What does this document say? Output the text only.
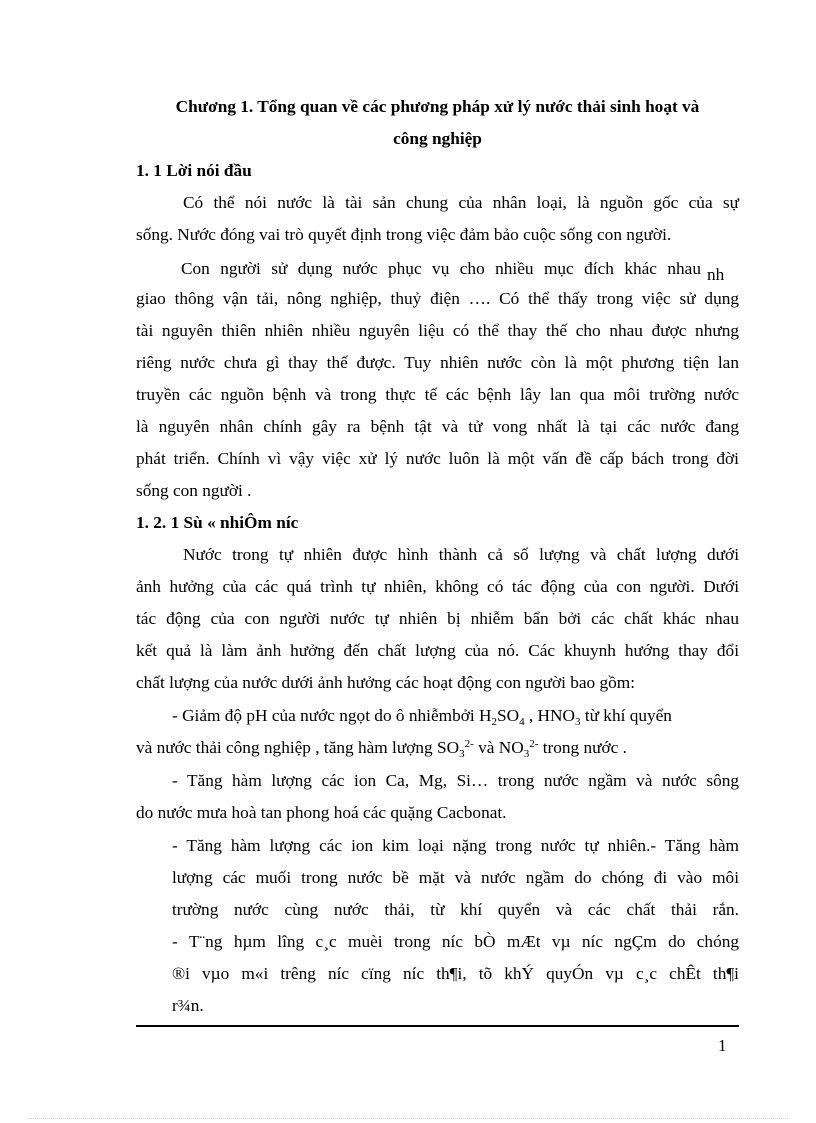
Chương 1. Tổng quan về các phương pháp xử lý nước thải sinh hoạt và
công nghiệp
1. 1 Lời nói đầu
Có thể nói nước là tài sản chung của nhân loại, là nguồn gốc của sự
sống. Nước đóng vai trò quyết định trong việc đảm bảo cuộc sống con người.
Con người sử dụng nước phục vụ cho nhiều mục đích khác nhau nh
giao thông vận tải, nông nghiệp, thuỷ điện …. Có thể thấy trong việc sử dụng
tài nguyên thiên nhiên nhiều nguyên liệu có thể thay thế cho nhau được nhưng
riêng nước chưa gì thay thế được. Tuy nhiên nước còn là một phương tiện lan
truyền các nguồn bệnh và trong thực tế các bệnh lây lan qua môi trường nước
là nguyên nhân chính gây ra bệnh tật và tử vong nhất là tại các nước đang
phát triển. Chính vì vậy việc xử lý nước luôn là một vấn đề cấp bách trong đời
sống con người .
1. 2. 1 Sù « nhiÔm níc
Nước trong tự nhiên được hình thành cả số lượng và chất lượng dưới
ảnh hưởng của các quá trình tự nhiên, không có tác động của con người. Dưới
tác động của con người nước tự nhiên bị nhiễm bẩn bởi các chất khác nhau
kết quả là làm ảnh hưởng đến chất lượng của nó. Các khuynh hướng thay đổi
chất lượng của nước dưới ảnh hưởng các hoạt động con người bao gồm:
- Giảm độ pH của nước ngọt do ô nhiễmbởi $H_2SO_4$ , $HNO_3$ từ khí quyển
và nước thải công nghiệp , tăng hàm lượng $SO_3^{2-}$ và $NO_3^{2-}$ trong nước .
- Tăng hàm lượng các ion Ca, Mg, Si… trong nước ngầm và nước sông
do nước mưa hoà tan phong hoá các quặng Cacbonat.
- Tăng hàm lượng các ion kim loại nặng trong nước tự nhiên.- Tăng hàm
lượng các muối trong nước bề mặt và nước ngầm do chóng đi vào môi
trường nước cùng nước thải, từ khí quyển và các chất thải rắn.
- T¨ng hµm lîng c¸c muèi trong níc bÒ mÆt vµ níc ngÇm do chóng
®i vµo m«i trêng níc cïng níc th¶i, tõ khÝ quyÓn vµ c¸c chÊt th¶i
r¾n.
1
